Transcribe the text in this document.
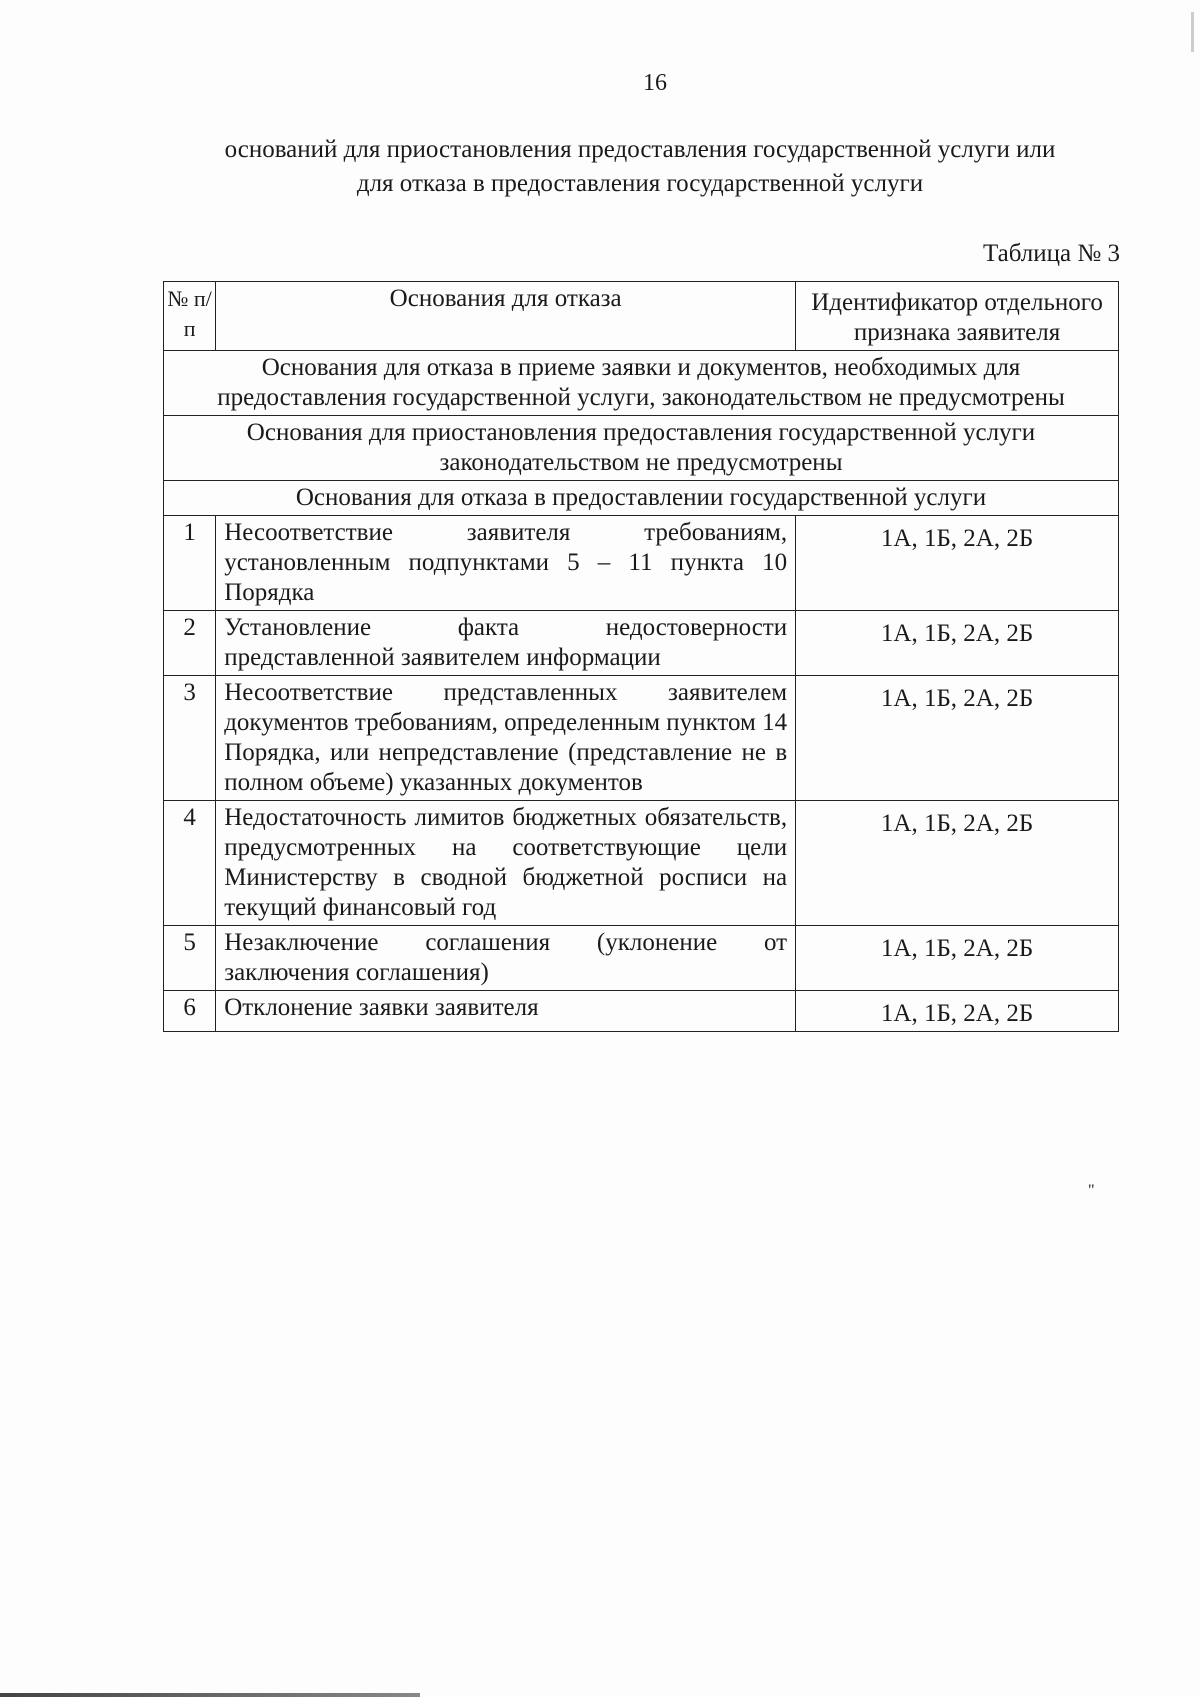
16
оснований для приостановления предоставления государственной услуги или
для отказа в предоставления государственной услуги
Таблица № 3
№ п/п	Основания для отказа	Идентификатор отдельного признака заявителя
Основания для отказа в приеме заявки и документов, необходимых для предоставления государственной услуги, законодательством не предусмотрены		
Основания для приостановления предоставления государственной услуги законодательством не предусмотрены		
Основания для отказа в предоставлении государственной услуги		
1	Несоответствие заявителя требованиям, установленным подпунктами 5 – 11 пункта 10 Порядка	1А, 1Б, 2А, 2Б
2	Установление факта недостоверности представленной заявителем информации	1А, 1Б, 2А, 2Б
3	Несоответствие представленных заявителем документов требованиям, определенным пунктом 14 Порядка, или непредставление (представление не в полном объеме) указанных документов	1А, 1Б, 2А, 2Б
4	Недостаточность лимитов бюджетных обязательств, предусмотренных на соответствующие цели Министерству в сводной бюджетной росписи на текущий финансовый год	1А, 1Б, 2А, 2Б
5	Незаключение соглашения (уклонение от заключения соглашения)	1А, 1Б, 2А, 2Б
6	Отклонение заявки заявителя	1А, 1Б, 2А, 2Б
"
